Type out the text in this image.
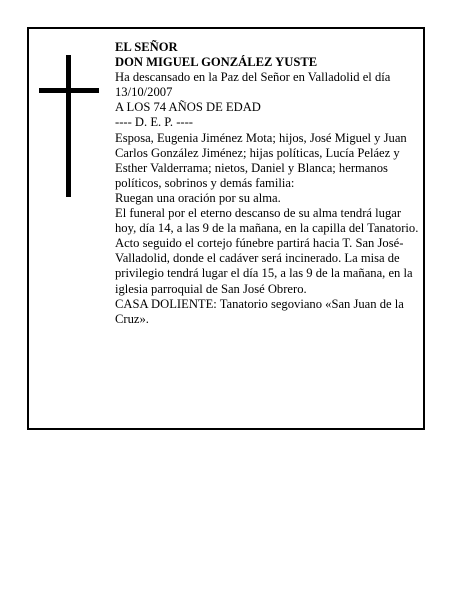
EL SEÑOR

DON MIGUEL GONZÁLEZ YUSTE

Ha descansado en la Paz del Señor en Valladolid el día 13/10/2007

A LOS 74 AÑOS DE EDAD

---- D. E. P. ----

Esposa, Eugenia Jiménez Mota; hijos, José Miguel y Juan Carlos González Jiménez; hijas políticas, Lucía Peláez y Esther Valderrama; nietos, Daniel y Blanca; hermanos políticos, sobrinos y demás familia:

Ruegan una oración por su alma.

El funeral por el eterno descanso de su alma tendrá lugar hoy, día 14, a las 9 de la mañana, en la capilla del Tanatorio. Acto seguido el cortejo fúnebre partirá hacia T. San José-Valladolid, donde el cadáver será incinerado. La misa de privilegio tendrá lugar el día 15, a las 9 de la mañana, en la iglesia parroquial de San José Obrero.

CASA DOLIENTE: Tanatorio segoviano «San Juan de la Cruz».
